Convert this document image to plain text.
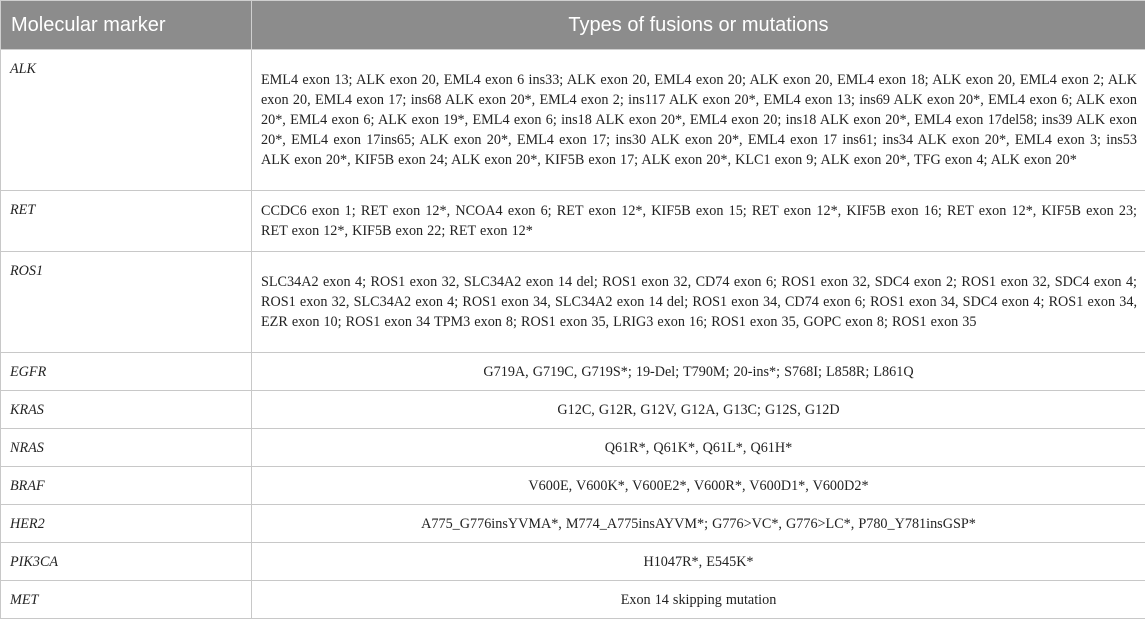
Molecular marker	Types of fusions or mutations
ALK	EML4 exon 13; ALK exon 20, EML4 exon 6 ins33; ALK exon 20, EML4 exon 20; ALK exon 20, EML4 exon 18; ALK exon 20, EML4 exon 2; ALK exon 20, EML4 exon 17; ins68 ALK exon 20*, EML4 exon 2; ins117 ALK exon 20*, EML4 exon 13; ins69 ALK exon 20*, EML4 exon 6; ALK exon 20*, EML4 exon 6; ALK exon 19*, EML4 exon 6; ins18 ALK exon 20*, EML4 exon 20; ins18 ALK exon 20*, EML4 exon 17del58; ins39 ALK exon 20*, EML4 exon 17ins65; ALK exon 20*, EML4 exon 17; ins30 ALK exon 20*, EML4 exon 17 ins61; ins34 ALK exon 20*, EML4 exon 3; ins53 ALK exon 20*, KIF5B exon 24; ALK exon 20*, KIF5B exon 17; ALK exon 20*, KLC1 exon 9; ALK exon 20*, TFG exon 4; ALK exon 20*
RET	CCDC6 exon 1; RET exon 12*, NCOA4 exon 6; RET exon 12*, KIF5B exon 15; RET exon 12*, KIF5B exon 16; RET exon 12*, KIF5B exon 23; RET exon 12*, KIF5B exon 22; RET exon 12*
ROS1	SLC34A2 exon 4; ROS1 exon 32, SLC34A2 exon 14 del; ROS1 exon 32, CD74 exon 6; ROS1 exon 32, SDC4 exon 2; ROS1 exon 32, SDC4 exon 4; ROS1 exon 32, SLC34A2 exon 4; ROS1 exon 34, SLC34A2 exon 14 del; ROS1 exon 34, CD74 exon 6; ROS1 exon 34, SDC4 exon 4; ROS1 exon 34, EZR exon 10; ROS1 exon 34 TPM3 exon 8; ROS1 exon 35, LRIG3 exon 16; ROS1 exon 35, GOPC exon 8; ROS1 exon 35
EGFR	G719A, G719C, G719S*; 19-Del; T790M; 20-ins*; S768I; L858R; L861Q
KRAS	G12C, G12R, G12V, G12A, G13C; G12S, G12D
NRAS	Q61R*, Q61K*, Q61L*, Q61H*
BRAF	V600E, V600K*, V600E2*, V600R*, V600D1*, V600D2*
HER2	A775_G776insYVMA*, M774_A775insAYVM*; G776>VC*, G776>LC*, P780_Y781insGSP*
PIK3CA	H1047R*, E545K*
MET	Exon 14 skipping mutation
